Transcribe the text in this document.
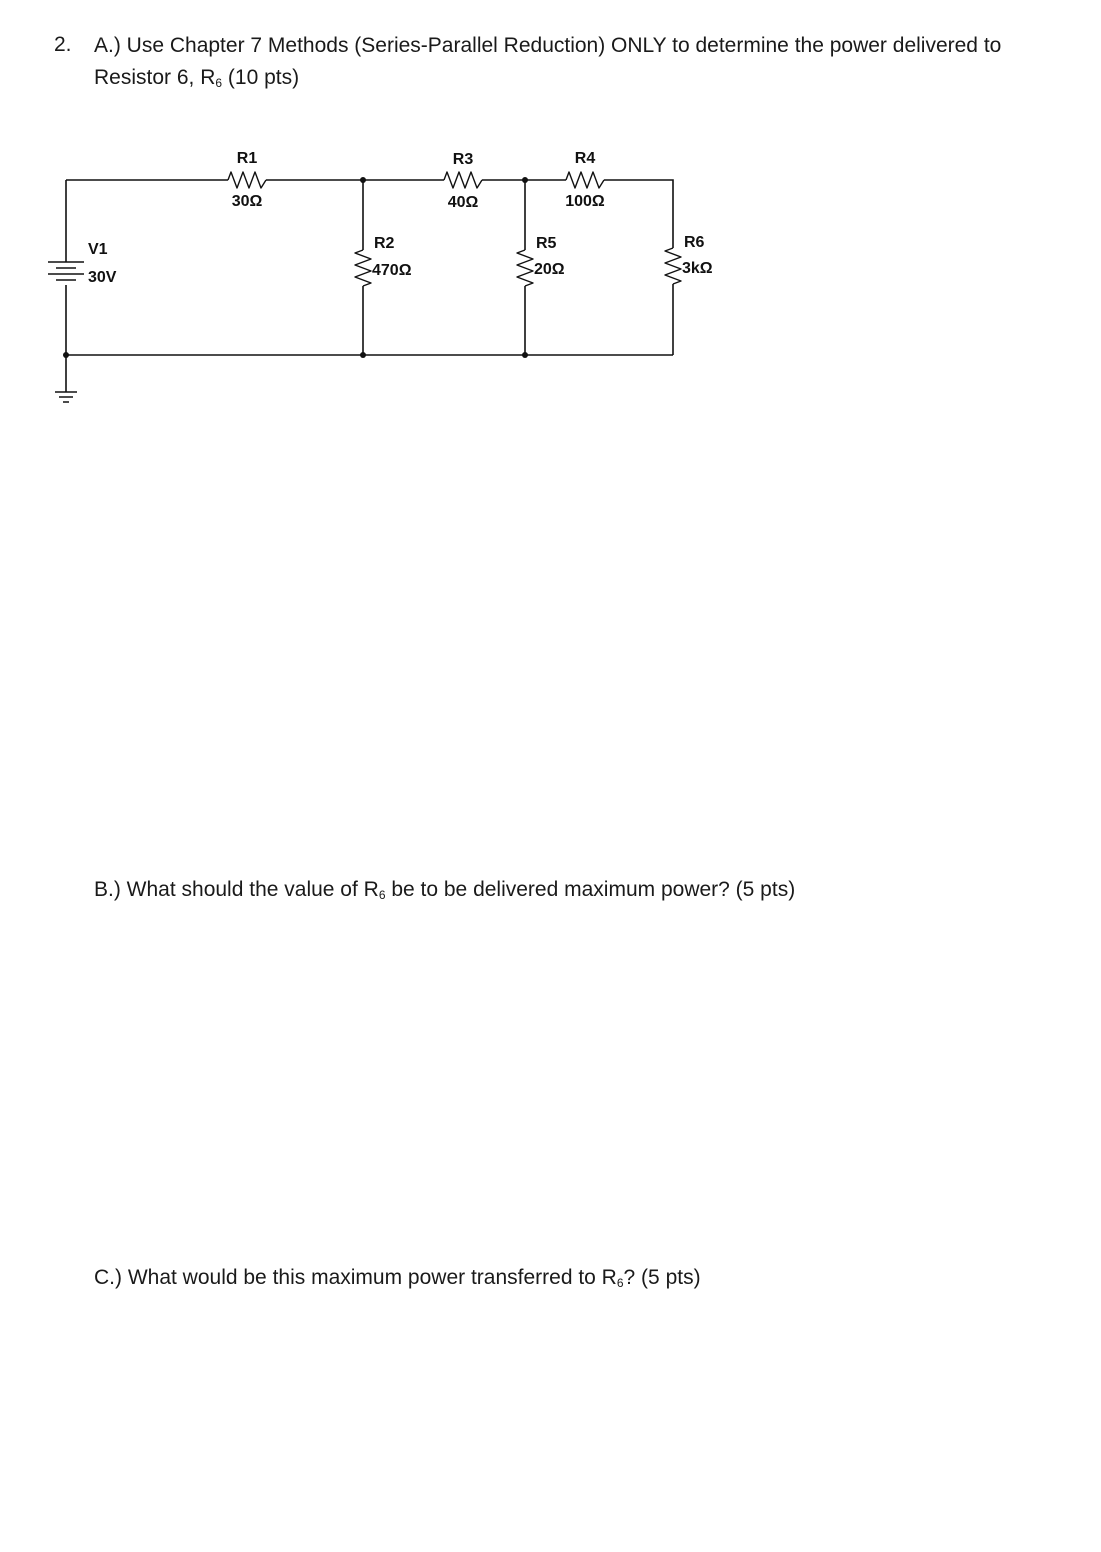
2. A.) Use Chapter 7 Methods (Series-Parallel Reduction) ONLY to determine the power delivered to Resistor 6, $R_6$ (10 pts)
R1
30Ω
R3
40Ω
R4
100Ω
R2
470Ω
R5
20Ω
R6
3kΩ
V1
30V
B.) What should the value of $R_6$ be to be delivered maximum power? (5 pts)
C.) What would be this maximum power transferred to $R_6$? (5 pts)
